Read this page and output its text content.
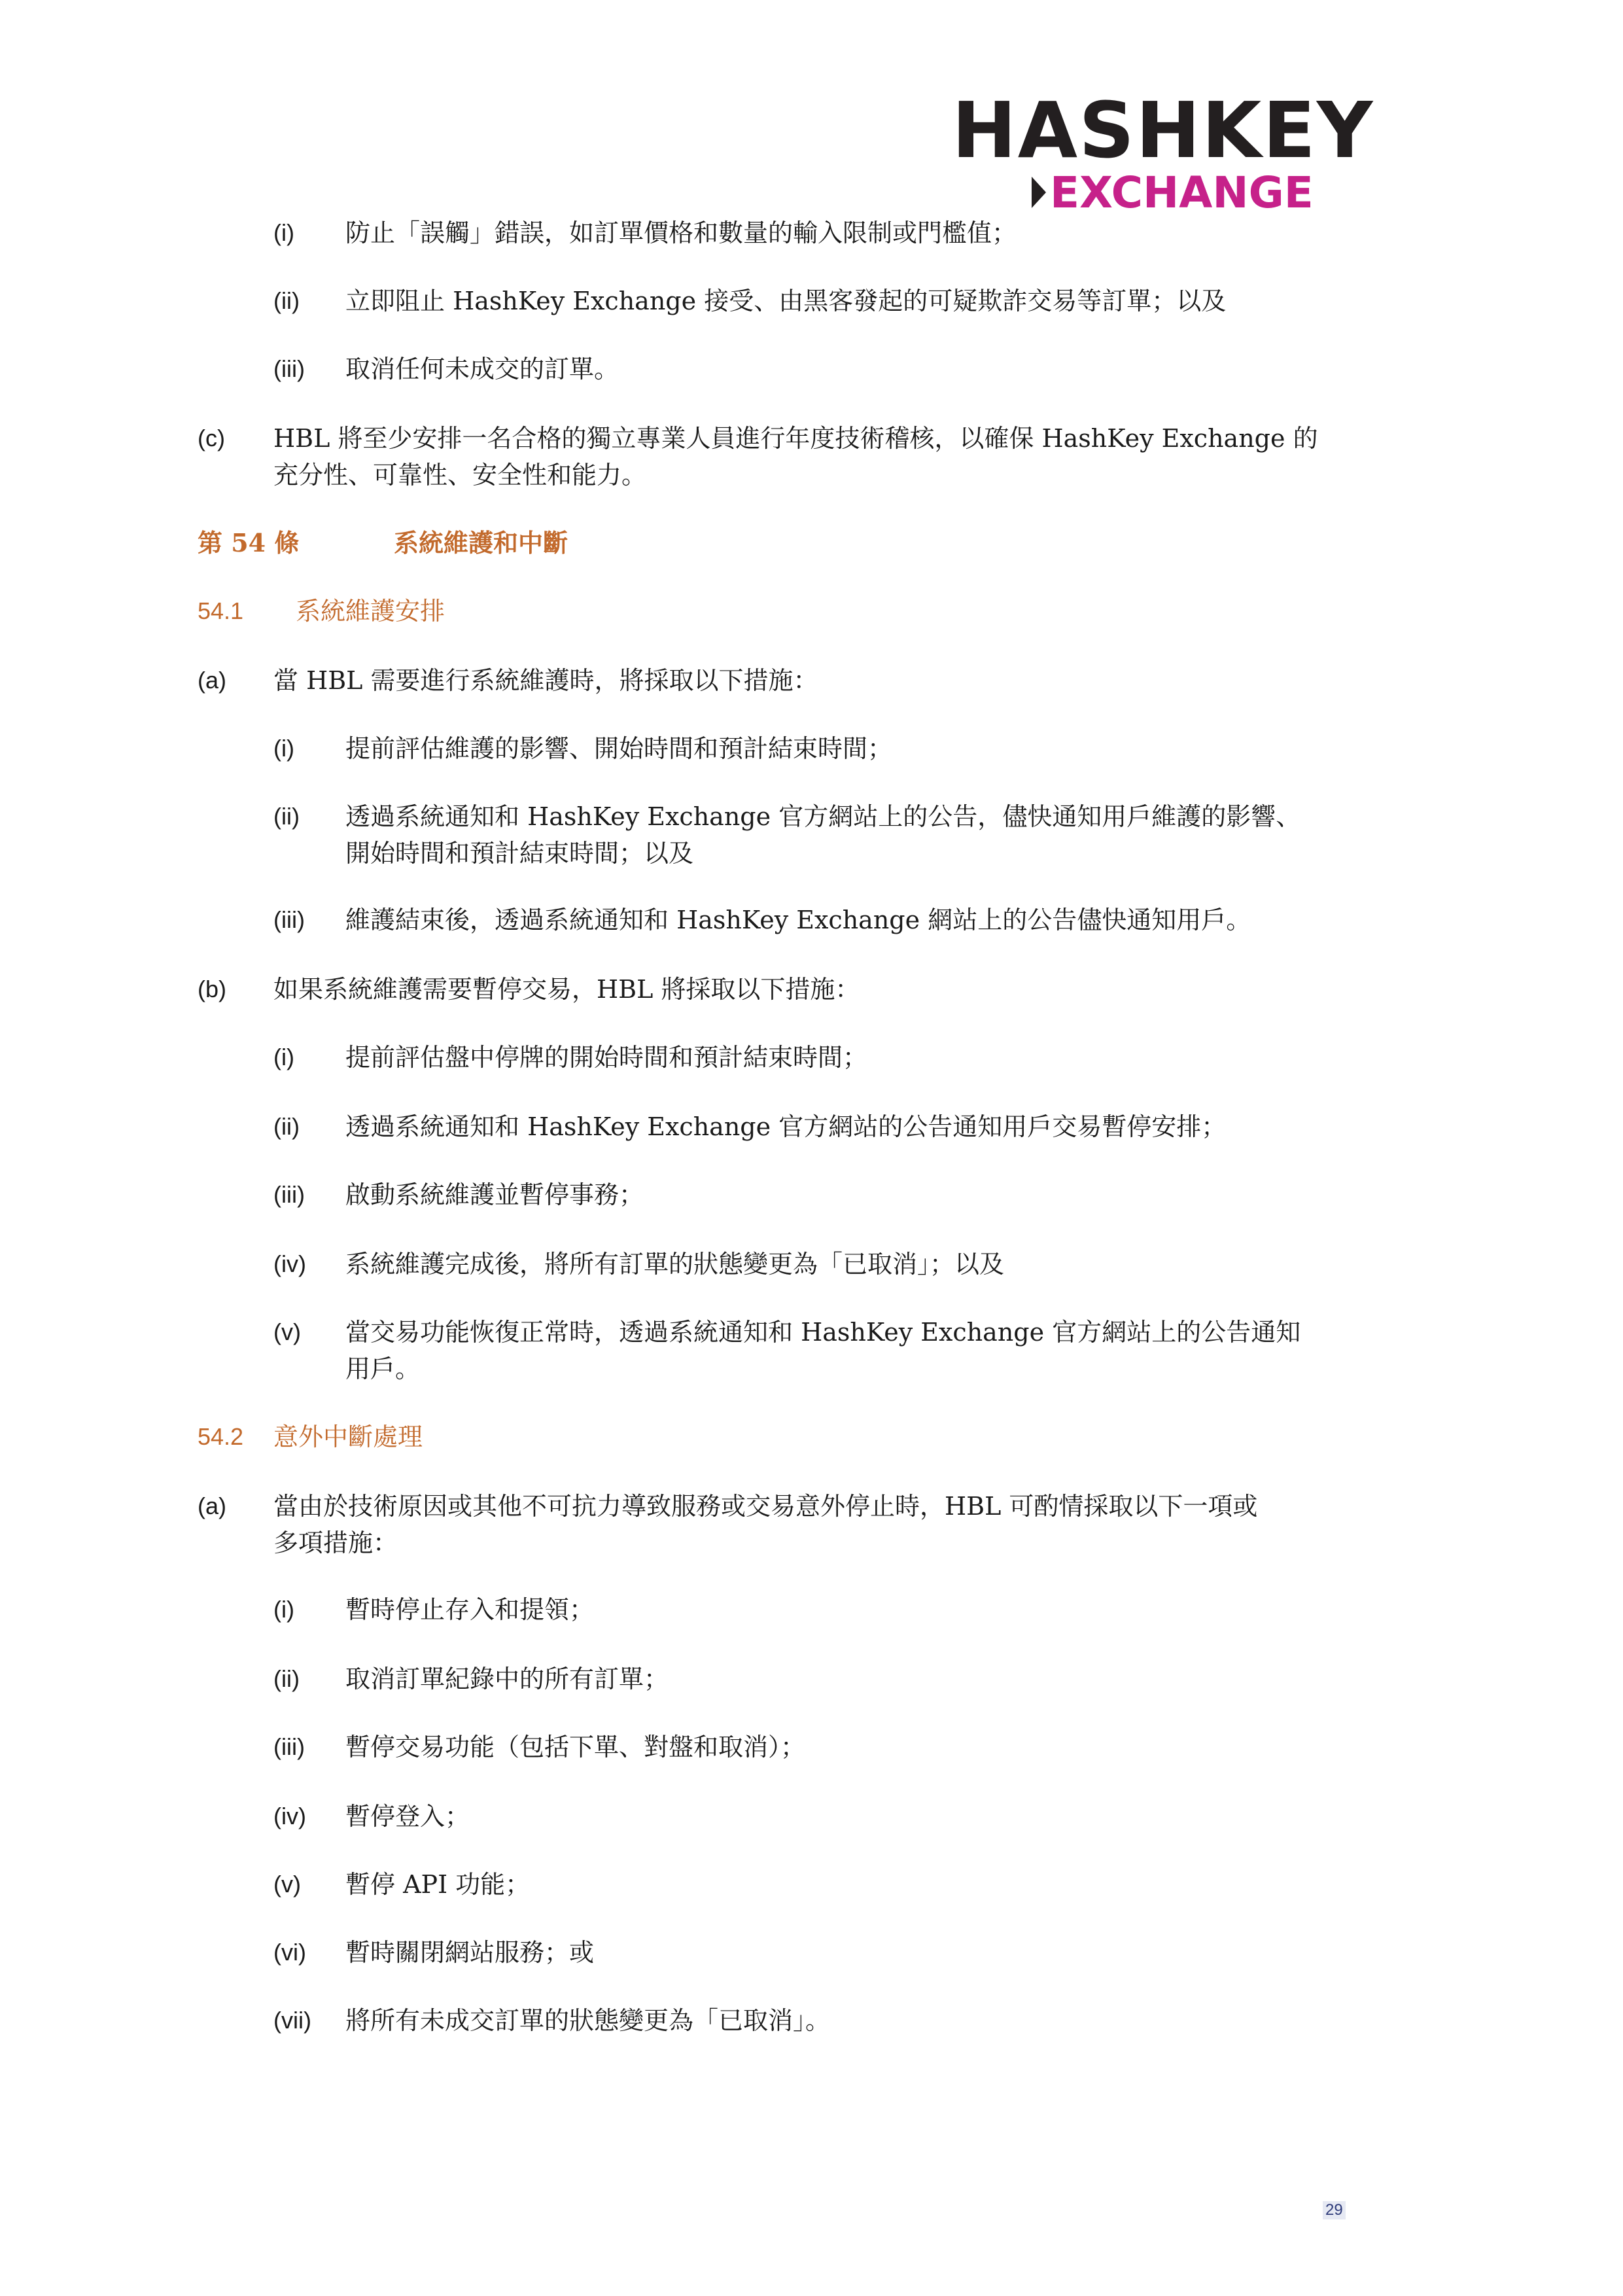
HASHKEY
EXCHANGE
(i) 防止「誤觸」錯誤，如訂單價格和數量的輸入限制或門檻值；
(ii) 立即阻止 HashKey Exchange 接受、由黑客發起的可疑欺詐交易等訂單；以及
(iii) 取消任何未成交的訂單。
(c) HBL 將至少安排一名合格的獨立專業人員進行年度技術稽核，以確保 HashKey Exchange 的
充分性、可靠性、安全性和能力。
第 54 條	系統維護和中斷
54.1 系統維護安排
(a) 當 HBL 需要進行系統維護時，將採取以下措施：
(i) 提前評估維護的影響、開始時間和預計結束時間；
(ii) 透過系統通知和 HashKey Exchange 官方網站上的公告，儘快通知用戶維護的影響、
開始時間和預計結束時間；以及
(iii) 維護結束後，透過系統通知和 HashKey Exchange 網站上的公告儘快通知用戶。
(b) 如果系統維護需要暫停交易，HBL 將採取以下措施：
(i) 提前評估盤中停牌的開始時間和預計結束時間；
(ii) 透過系統通知和 HashKey Exchange 官方網站的公告通知用戶交易暫停安排；
(iii) 啟動系統維護並暫停事務；
(iv) 系統維護完成後，將所有訂單的狀態變更為「已取消」；以及
(v) 當交易功能恢復正常時，透過系統通知和 HashKey Exchange 官方網站上的公告通知
用戶。
54.2 意外中斷處理
(a) 當由於技術原因或其他不可抗力導致服務或交易意外停止時，HBL 可酌情採取以下一項或
多項措施：
(i) 暫時停止存入和提領；
(ii) 取消訂單紀錄中的所有訂單；
(iii) 暫停交易功能（包括下單、對盤和取消）；
(iv) 暫停登入；
(v) 暫停 API 功能；
(vi) 暫時關閉網站服務；或
(vii) 將所有未成交訂單的狀態變更為「已取消」。
29
